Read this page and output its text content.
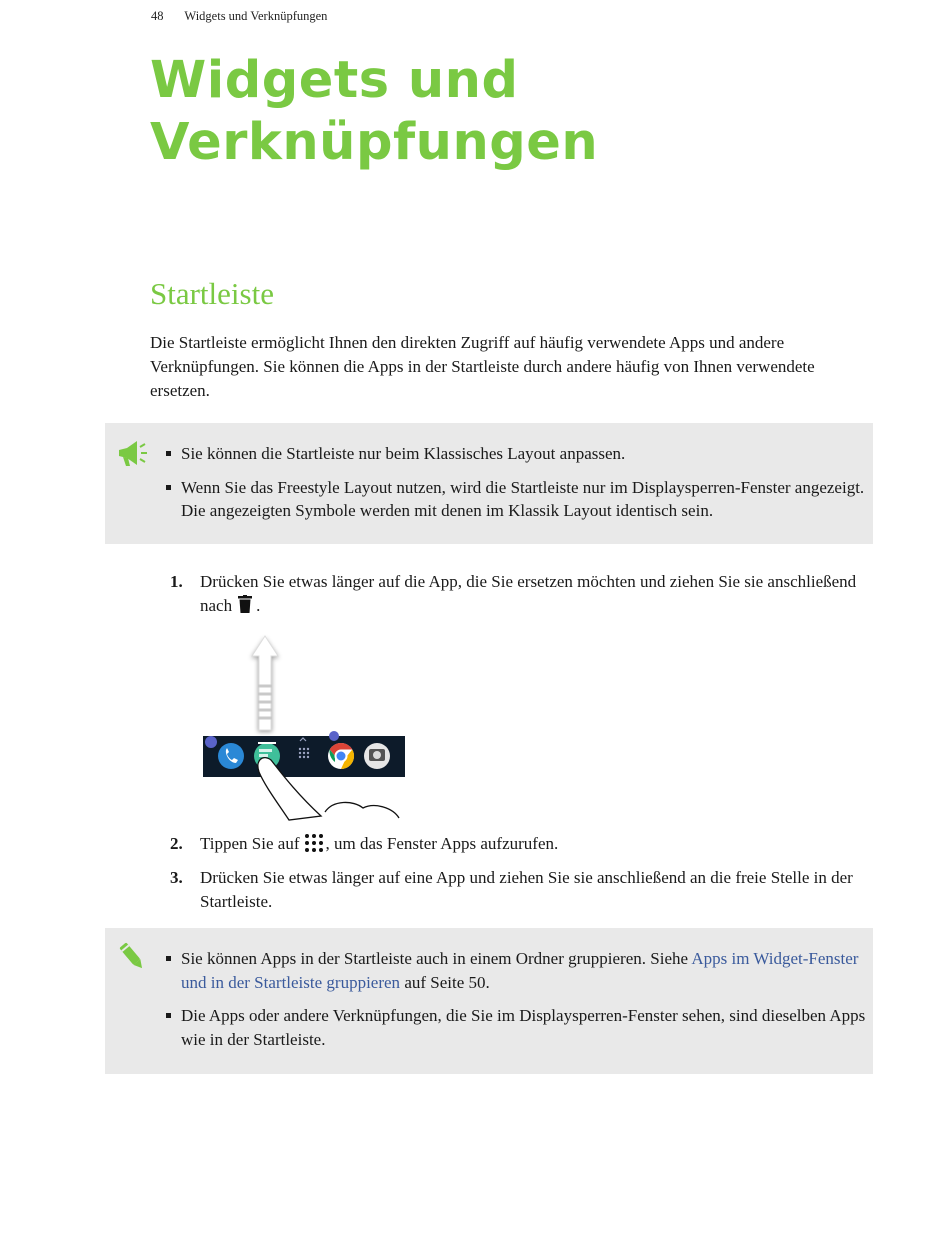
48 Widgets und Verknüpfungen
Widgets und
Verknüpfungen
Startleiste

Die Startleiste ermöglicht Ihnen den direkten Zugriff auf häufig verwendete Apps und andere Verknüpfungen. Sie können die Apps in der Startleiste durch andere häufig von Ihnen verwendete ersetzen.

Sie können die Startleiste nur beim Klassisches Layout anpassen.
Wenn Sie das Freestyle Layout nutzen, wird die Startleiste nur im Displaysperren-Fenster angezeigt. Die angezeigten Symbole werden mit denen im Klassik Layout identisch sein.
1. Drücken Sie etwas länger auf die App, die Sie ersetzen möchten und ziehen Sie sie anschließend nach .
2. Tippen Sie auf , um das Fenster Apps aufzurufen.
3. Drücken Sie etwas länger auf eine App und ziehen Sie sie anschließend an die freie Stelle in der Startleiste.
Sie können Apps in der Startleiste auch in einem Ordner gruppieren. Siehe Apps im Widget-Fenster und in der Startleiste gruppieren auf Seite 50.
Die Apps oder andere Verknüpfungen, die Sie im Displaysperren-Fenster sehen, sind dieselben Apps wie in der Startleiste.
